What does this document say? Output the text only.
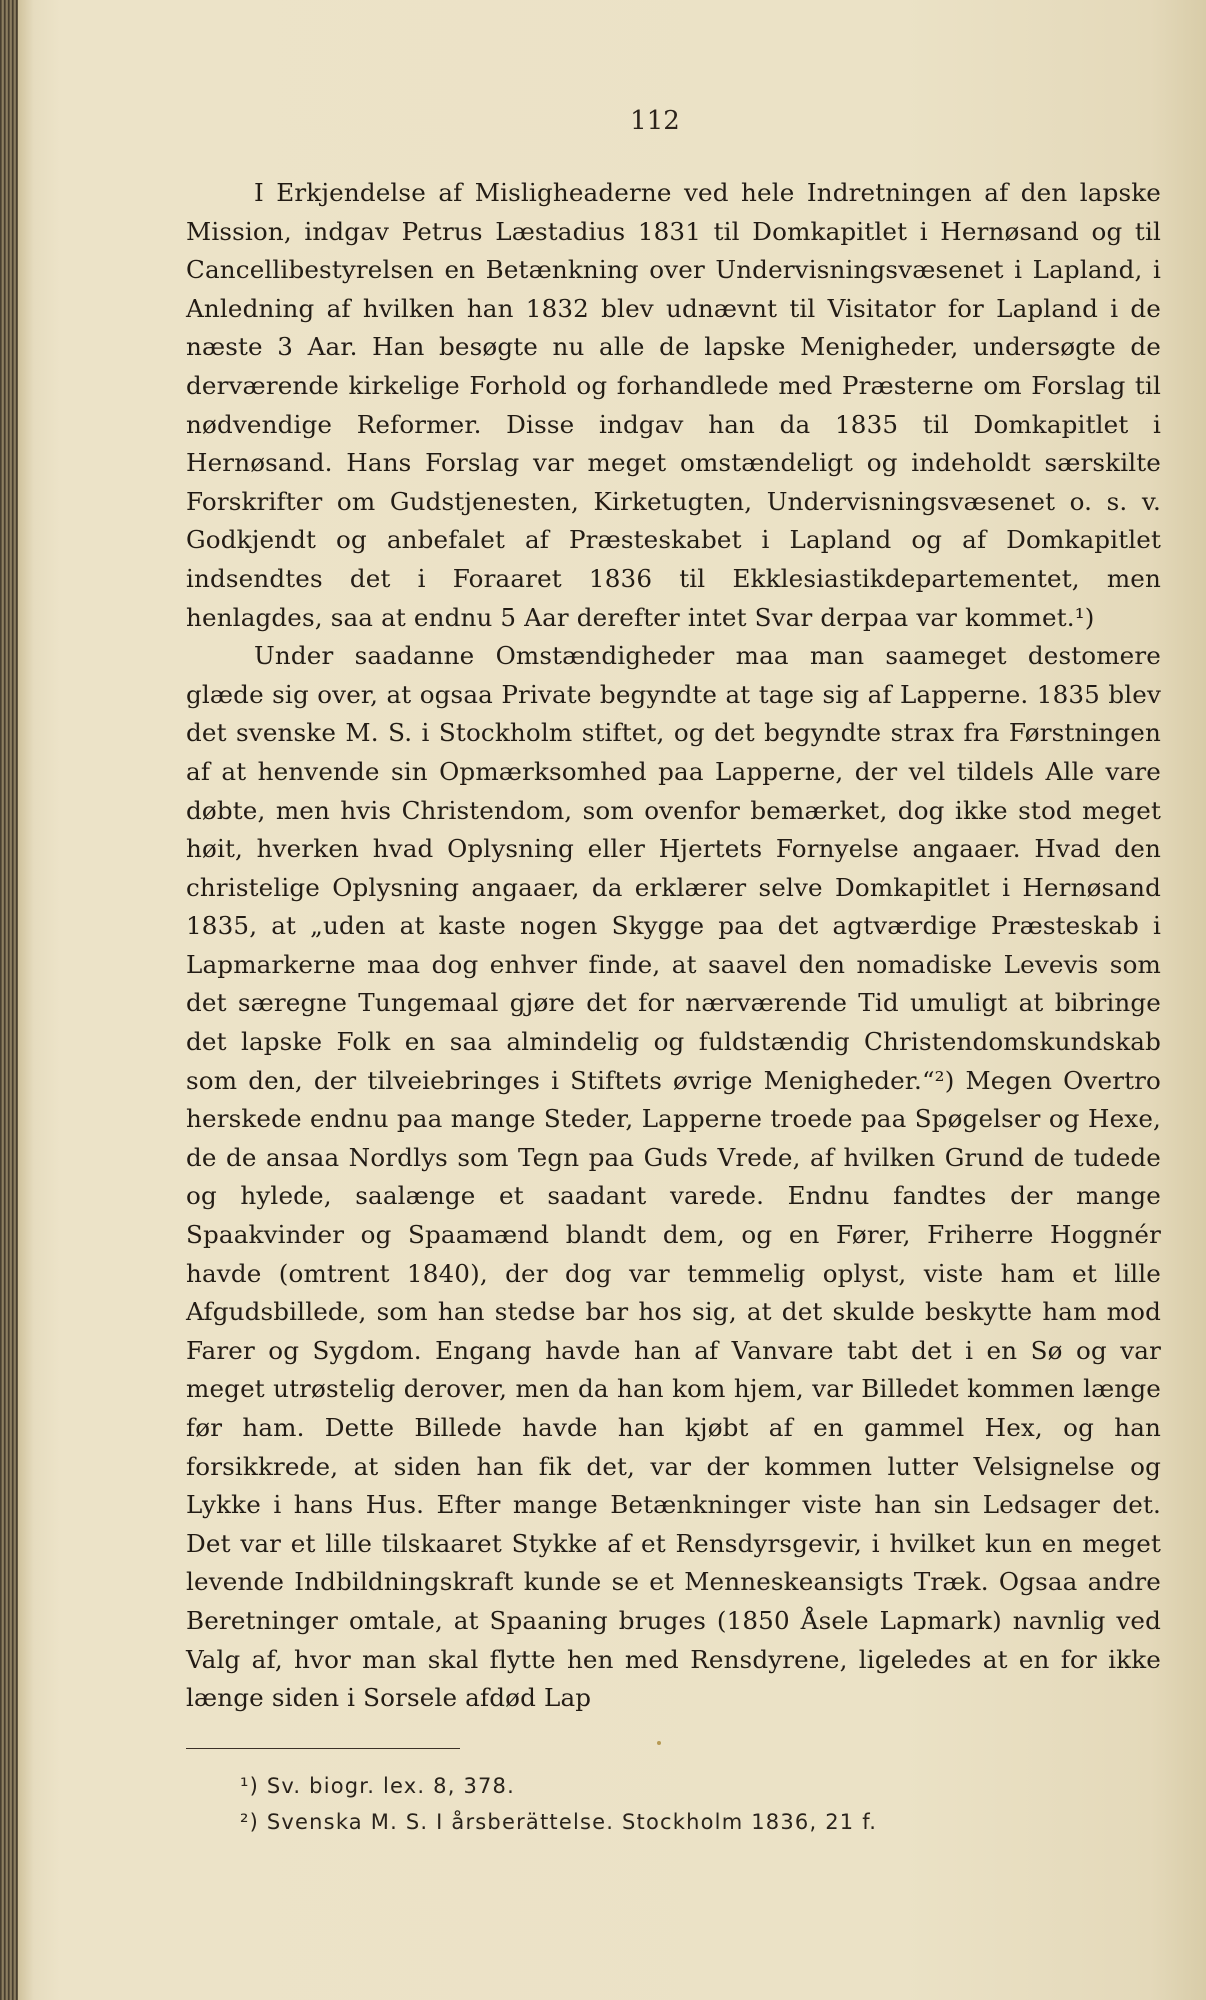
112

I Erkjendelse af Misligheaderne ved hele Indretningen af den lapske Mission, indgav Petrus Læstadius 1831 til Domkapitlet i Hernøsand og til Cancellibestyrelsen en Betænkning over Undervisningsvæsenet i Lapland, i Anledning af hvilken han 1832 blev udnævnt til Visitator for Lapland i de næste 3 Aar. Han besøgte nu alle de lapske Menigheder, undersøgte de derværende kirkelige Forhold og forhandlede med Præsterne om Forslag til nødvendige Reformer. Disse indgav han da 1835 til Domkapitlet i Hernøsand. Hans Forslag var meget omstændeligt og indeholdt særskilte Forskrifter om Gudstjenesten, Kirketugten, Undervisningsvæsenet o. s. v. Godkjendt og anbefalet af Præsteskabet i Lapland og af Domkapitlet indsendtes det i Foraaret 1836 til Ekklesiastikdepartementet, men henlagdes, saa at endnu 5 Aar derefter intet Svar derpaa var kommet.¹)

Under saadanne Omstændigheder maa man saameget destomere glæde sig over, at ogsaa Private begyndte at tage sig af Lapperne. 1835 blev det svenske M. S. i Stockholm stiftet, og det begyndte strax fra Førstningen af at henvende sin Opmærksomhed paa Lapperne, der vel tildels Alle vare døbte, men hvis Christendom, som ovenfor bemærket, dog ikke stod meget høit, hverken hvad Oplysning eller Hjertets Fornyelse angaaer. Hvad den christelige Oplysning angaaer, da erklærer selve Domkapitlet i Hernøsand 1835, at „uden at kaste nogen Skygge paa det agtværdige Præsteskab i Lapmarkerne maa dog enhver finde, at saavel den nomadiske Levevis som det særegne Tungemaal gjøre det for nærværende Tid umuligt at bibringe det lapske Folk en saa almindelig og fuldstændig Christendomskundskab som den, der tilveiebringes i Stiftets øvrige Menigheder.“²) Megen Overtro herskede endnu paa mange Steder, Lapperne troede paa Spøgelser og Hexe, de de ansaa Nordlys som Tegn paa Guds Vrede, af hvilken Grund de tudede og hylede, saalænge et saadant varede. Endnu fandtes der mange Spaakvinder og Spaamænd blandt dem, og en Fører, Friherre Hoggnér havde (omtrent 1840), der dog var temmelig oplyst, viste ham et lille Afgudsbillede, som han stedse bar hos sig, at det skulde beskytte ham mod Farer og Sygdom. Engang havde han af Vanvare tabt det i en Sø og var meget utrøstelig derover, men da han kom hjem, var Billedet kommen længe før ham. Dette Billede havde han kjøbt af en gammel Hex, og han forsikkrede, at siden han fik det, var der kommen lutter Velsignelse og Lykke i hans Hus. Efter mange Betænkninger viste han sin Ledsager det. Det var et lille tilskaaret Stykke af et Rensdyrsgevir, i hvilket kun en meget levende Indbildningskraft kunde se et Menneskeansigts Træk. Ogsaa andre Beretninger omtale, at Spaaning bruges (1850 Åsele Lapmark) navnlig ved Valg af, hvor man skal flytte hen med Rensdyrene, ligeledes at en for ikke længe siden i Sorsele afdød Lap

¹) Sv. biogr. lex. 8, 378.

²) Svenska M. S. I årsberättelse. Stockholm 1836, 21 f.
